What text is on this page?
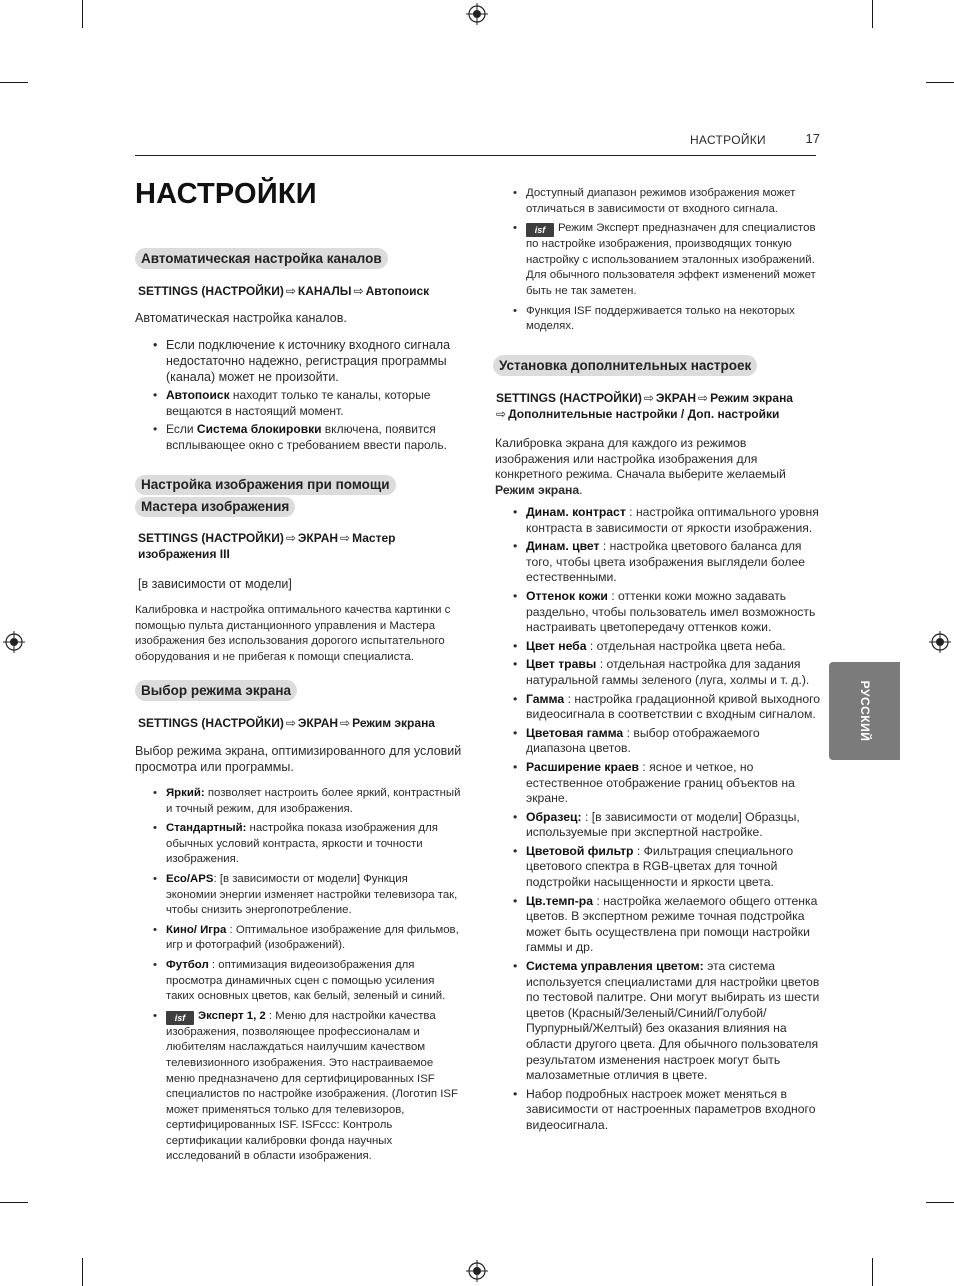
НАСТРОЙКИ	17
РУССКИЙ
НАСТРОЙКИ
Автоматическая настройка каналов
SETTINGS (НАСТРОЙКИ) ⇨ КАНАЛЫ ⇨ Автопоиск
Автоматическая настройка каналов.
• Если подключение к источнику входного сигнала недостаточно надежно, регистрация программы (канала) может не произойти.
• Автопоиск находит только те каналы, которые вещаются в настоящий момент.
• Если Система блокировки включена, появится всплывающее окно с требованием ввести пароль.
Настройка изображения при помощи
Мастера изображения
SETTINGS (НАСТРОЙКИ) ⇨ ЭКРАН ⇨ Мастер
изображения III
[в зависимости от модели]
Калибровка и настройка оптимального качества картинки с помощью пульта дистанционного управления и Мастера изображения без использования дорогого испытательного оборудования и не прибегая к помощи специалиста.
Выбор режима экрана
SETTINGS (НАСТРОЙКИ) ⇨ ЭКРАН ⇨ Режим экрана
Выбор режима экрана, оптимизированного для условий просмотра или программы.
• Яркий: позволяет настроить более яркий, контрастный и точный режим, для изображения.
• Стандартный: настройка показа изображения для обычных условий контраста, яркости и точности изображения.
• Eco/APS: [в зависимости от модели] Функция экономии энергии изменяет настройки телевизора так, чтобы снизить энергопотребление.
• Кино/ Игра : Оптимальное изображение для фильмов, игр и фотографий (изображений).
• Футбол : оптимизация видеоизображения для просмотра динамичных сцен с помощью усиления таких основных цветов, как белый, зеленый и синий.
• isf Эксперт 1, 2 : Меню для настройки качества изображения, позволяющее профессионалам и любителям наслаждаться наилучшим качеством телевизионного изображения. Это настраиваемое меню предназначено для сертифицированных ISF специалистов по настройке изображения. (Логотип ISF может применяться только для телевизоров, сертифицированных ISF. ISFccc: Контроль сертификации калибровки фонда научных исследований в области изображения.
• Доступный диапазон режимов изображения может отличаться в зависимости от входного сигнала.
• isf Режим Эксперт предназначен для специалистов по настройке изображения, производящих тонкую настройку с использованием эталонных изображений. Для обычного пользователя эффект изменений может быть не так заметен.
• Функция ISF поддерживается только на некоторых моделях.
Установка дополнительных настроек
SETTINGS (НАСТРОЙКИ) ⇨ ЭКРАН ⇨ Режим экрана
⇨ Дополнительные настройки / Доп. настройки
Калибровка экрана для каждого из режимов изображения или настройка изображения для конкретного режима. Сначала выберите желаемый Режим экрана.
• Динам. контраст : настройка оптимального уровня контраста в зависимости от яркости изображения.
• Динам. цвет : настройка цветового баланса для того, чтобы цвета изображения выглядели более естественными.
• Оттенок кожи : оттенки кожи можно задавать раздельно, чтобы пользователь имел возможность настраивать цветопередачу оттенков кожи.
• Цвет неба : отдельная настройка цвета неба.
• Цвет травы : отдельная настройка для задания натуральной гаммы зеленого (луга, холмы и т. д.).
• Гамма : настройка градационной кривой выходного видеосигнала в соответствии с входным сигналом.
• Цветовая гамма : выбор отображаемого диапазона цветов.
• Расширение краев : ясное и четкое, но естественное отображение границ объектов на экране.
• Образец: : [в зависимости от модели] Образцы, используемые при экспертной настройке.
• Цветовой фильтр : Фильтрация специального цветового спектра в RGB-цветах для точной подстройки насыщенности и яркости цвета.
• Цв.темп-ра : настройка желаемого общего оттенка цветов. В экспертном режиме точная подстройка может быть осуществлена при помощи настройки гаммы и др.
• Система управления цветом: эта система используется специалистами для настройки цветов по тестовой палитре. Они могут выбирать из шести цветов (Красный/Зеленый/Синий/Голубой/ Пурпурный/Желтый) без оказания влияния на области другого цвета. Для обычного пользователя результатом изменения настроек могут быть малозаметные отличия в цвете.
• Набор подробных настроек может меняться в зависимости от настроенных параметров входного видеосигнала.
